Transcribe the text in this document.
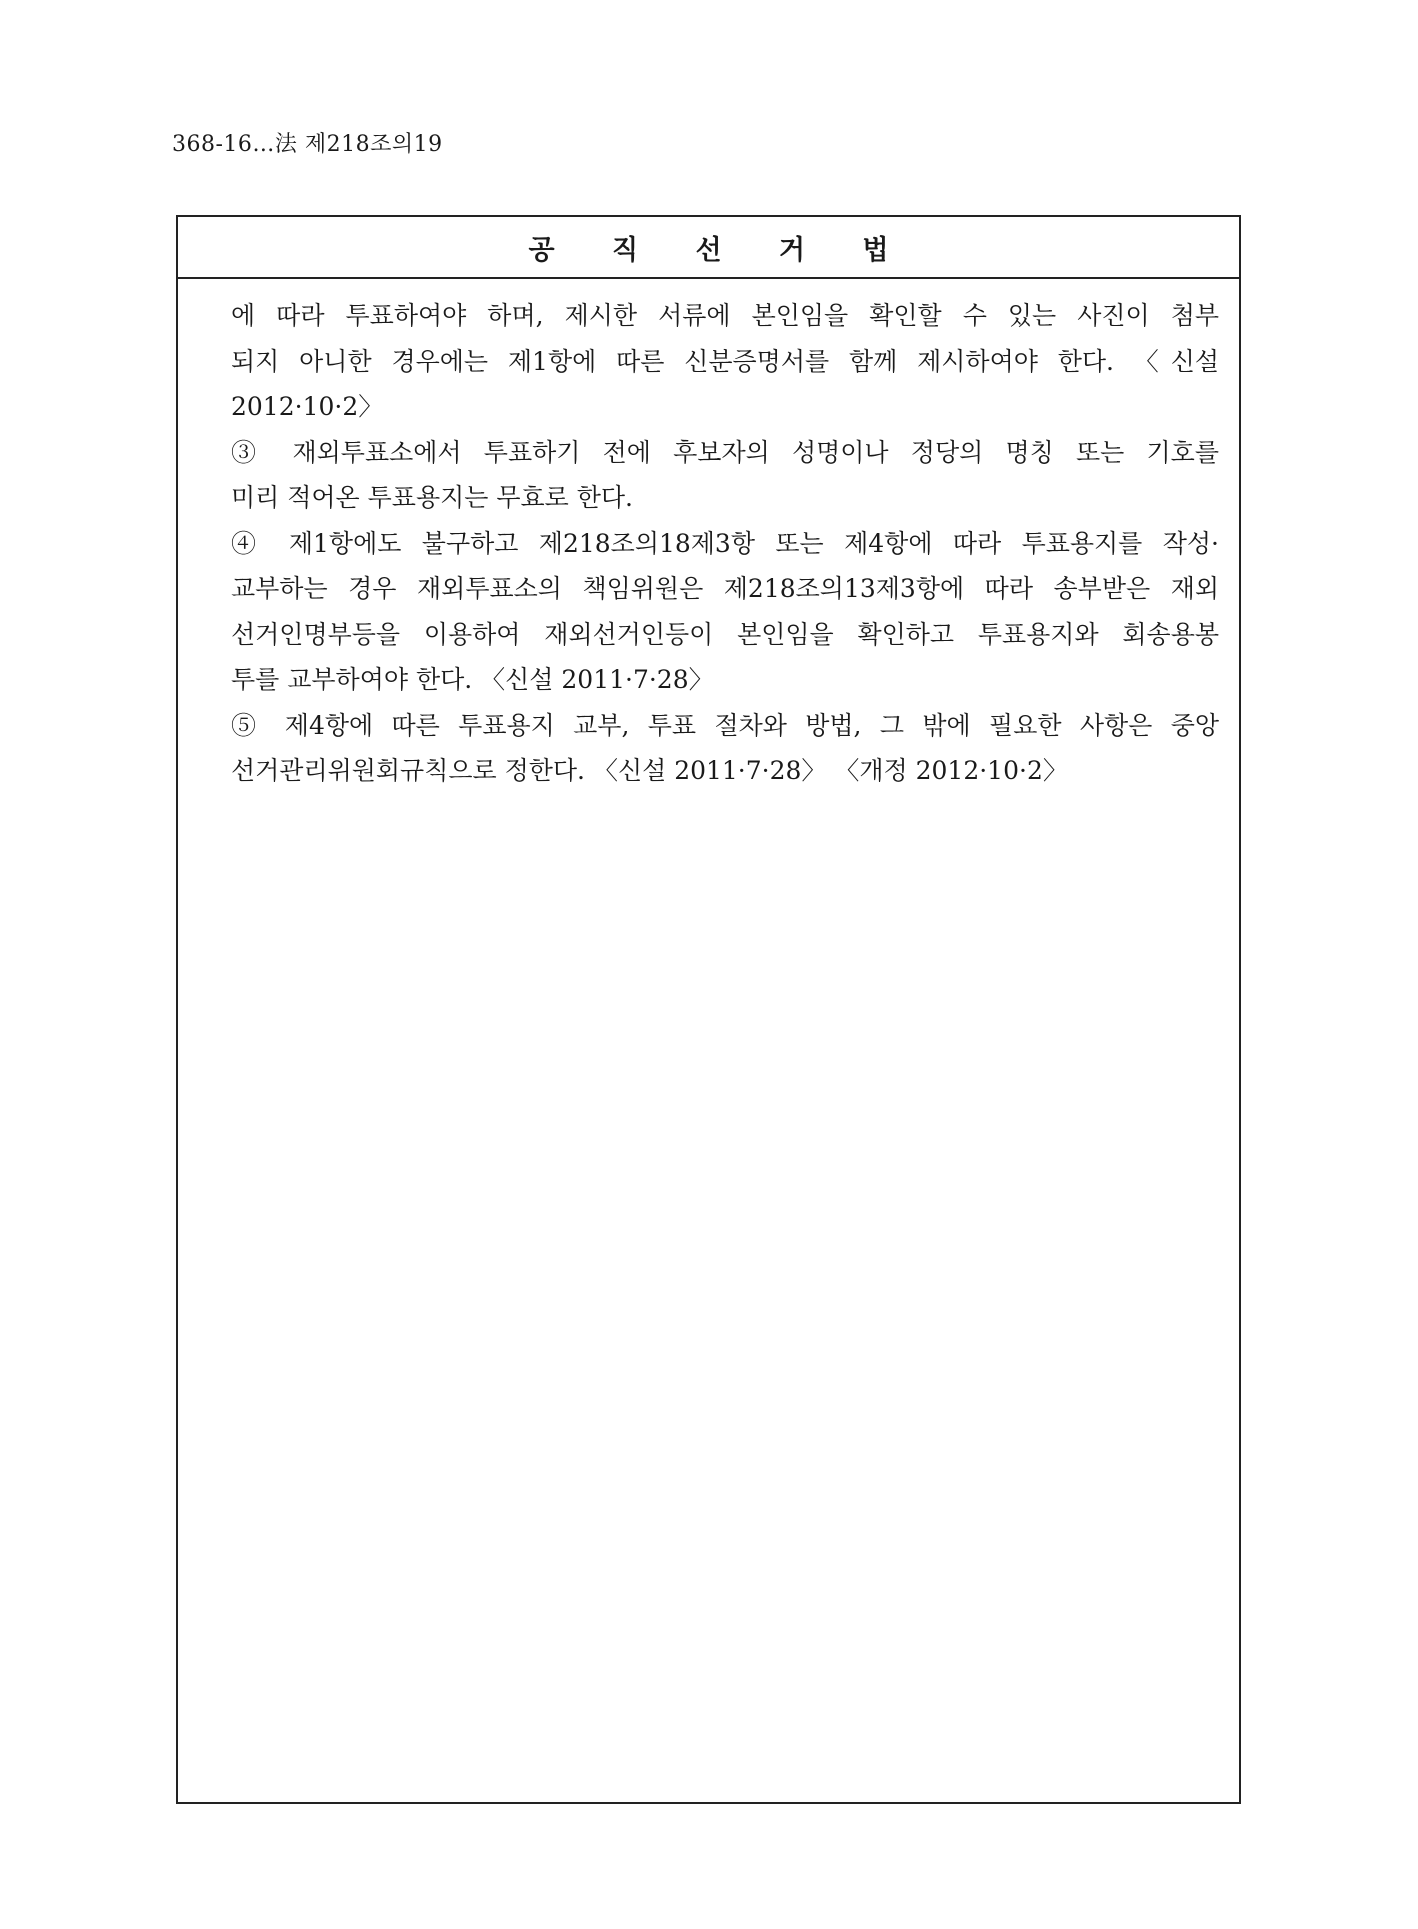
368-16…法 제218조의19
공 직 선 거 법

에 따라 투표하여야 하며, 제시한 서류에 본인임을 확인할 수 있는 사진이 첨부
되지 아니한 경우에는 제1항에 따른 신분증명서를 함께 제시하여야 한다. 〈신설
2012·10·2〉

③ 재외투표소에서 투표하기 전에 후보자의 성명이나 정당의 명칭 또는 기호를
미리 적어온 투표용지는 무효로 한다.

④ 제1항에도 불구하고 제218조의18제3항 또는 제4항에 따라 투표용지를 작성·
교부하는 경우 재외투표소의 책임위원은 제218조의13제3항에 따라 송부받은 재외
선거인명부등을 이용하여 재외선거인등이 본인임을 확인하고 투표용지와 회송용봉
투를 교부하여야 한다. 〈신설 2011·7·28〉

⑤ 제4항에 따른 투표용지 교부, 투표 절차와 방법, 그 밖에 필요한 사항은 중앙
선거관리위원회규칙으로 정한다. 〈신설 2011·7·28〉 〈개정 2012·10·2〉
